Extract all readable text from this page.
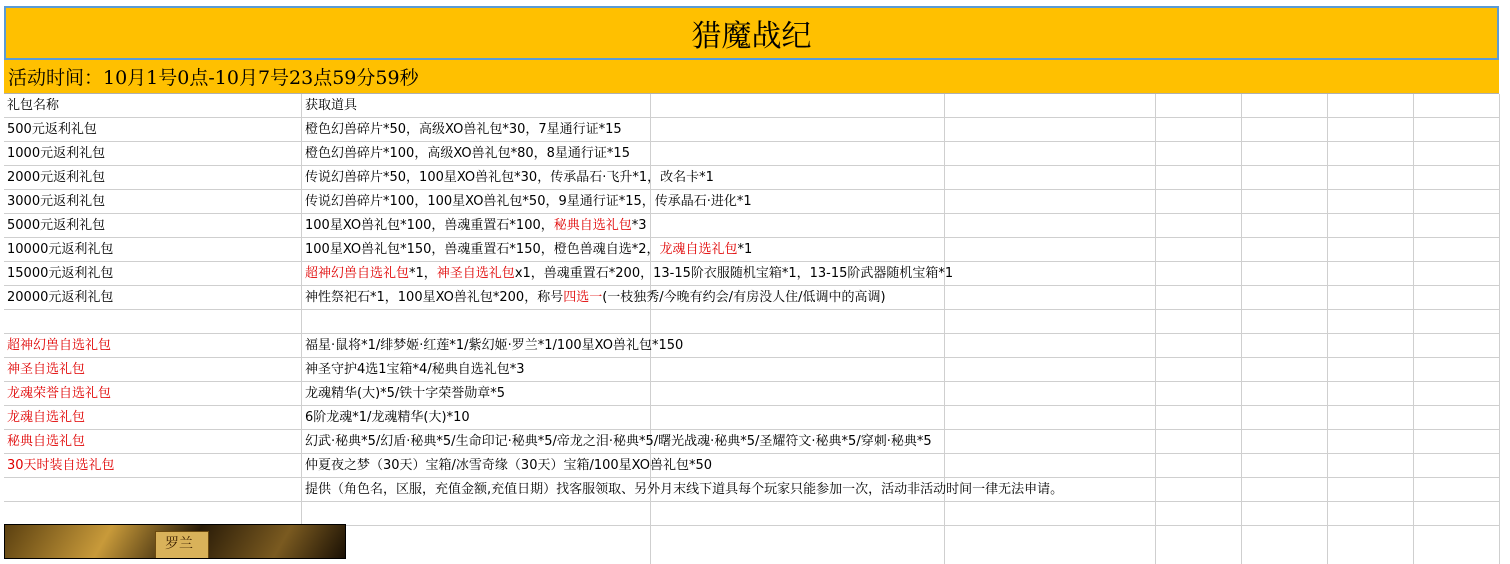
猎魔战纪
活动时间：10月1号0点-10月7号23点59分59秒
礼包名称	获取道具
500元返利礼包	橙色幻兽碎片*50，高级XO兽礼包*30，7星通行证*15
1000元返利礼包	橙色幻兽碎片*100，高级XO兽礼包*80，8星通行证*15
2000元返利礼包	传说幻兽碎片*50，100星XO兽礼包*30，传承晶石·飞升*1，改名卡*1
3000元返利礼包	传说幻兽碎片*100，100星XO兽礼包*50，9星通行证*15，传承晶石·进化*1
5000元返利礼包	100星XO兽礼包*100，兽魂重置石*100，秘典自选礼包*3
10000元返利礼包	100星XO兽礼包*150，兽魂重置石*150，橙色兽魂自选*2，龙魂自选礼包*1
15000元返利礼包	超神幻兽自选礼包*1，神圣自选礼包x1，兽魂重置石*200，13-15阶衣服随机宝箱*1，13-15阶武器随机宝箱*1
20000元返利礼包	神性祭祀石*1，100星XO兽礼包*200，称号四选一(一枝独秀/今晚有约会/有房没人住/低调中的高调)
超神幻兽自选礼包	福星·鼠将*1/绯梦姬·红莲*1/紫幻姬·罗兰*1/100星XO兽礼包*150
神圣自选礼包	神圣守护4选1宝箱*4/秘典自选礼包*3
龙魂荣誉自选礼包	龙魂精华(大)*5/铁十字荣誉勋章*5
龙魂自选礼包	6阶龙魂*1/龙魂精华(大)*10
秘典自选礼包	幻武·秘典*5/幻盾·秘典*5/生命印记·秘典*5/帝龙之泪·秘典*5/曙光战魂·秘典*5/圣耀符文·秘典*5/穿刺·秘典*5
30天时装自选礼包	仲夏夜之梦（30天）宝箱/冰雪奇缘（30天）宝箱/100星XO兽礼包*50
提供（角色名，区服，充值金额,充值日期）找客服领取、另外月末线下道具每个玩家只能参加一次，活动非活动时间一律无法申请。
罗兰
